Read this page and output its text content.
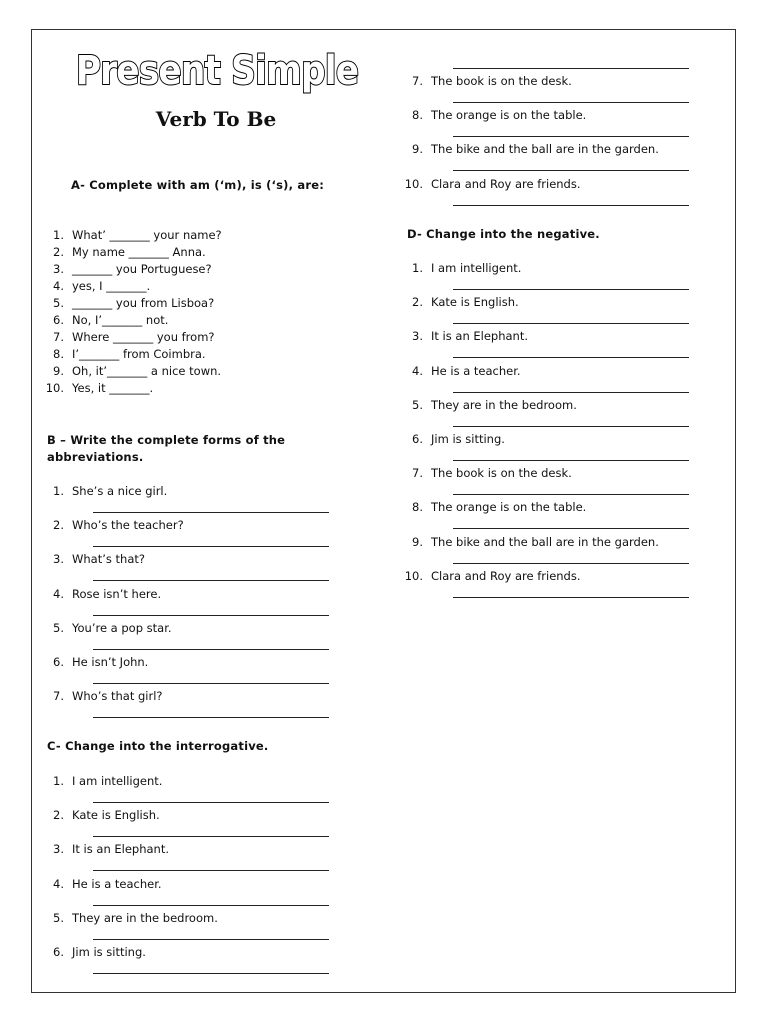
Present Simple
Verb To Be
A- Complete with am (‘m), is (‘s), are:
1. What’ _______ your name?
2. My name _______ Anna.
3. _______ you Portuguese?
4. yes, I _______.
5. _______ you from Lisboa?
6. No, I’_______ not.
7. Where _______ you from?
8. I’_______ from Coimbra.
9. Oh, it’_______ a nice town.
10. Yes, it _______.
B – Write the complete forms of the
abbreviations.
1. She’s a nice girl.
2. Who’s the teacher?
3. What’s that?
4. Rose isn’t here.
5. You’re a pop star.
6. He isn’t John.
7. Who’s that girl?
C- Change into the interrogative.
1. I am intelligent.
2. Kate is English.
3. It is an Elephant.
4. He is a teacher.
5. They are in the bedroom.
6. Jim is sitting.
7. The book is on the desk.
8. The orange is on the table.
9. The bike and the ball are in the garden.
10. Clara and Roy are friends.
D- Change into the negative.
1. I am intelligent.
2. Kate is English.
3. It is an Elephant.
4. He is a teacher.
5. They are in the bedroom.
6. Jim is sitting.
7. The book is on the desk.
8. The orange is on the table.
9. The bike and the ball are in the garden.
10. Clara and Roy are friends.
